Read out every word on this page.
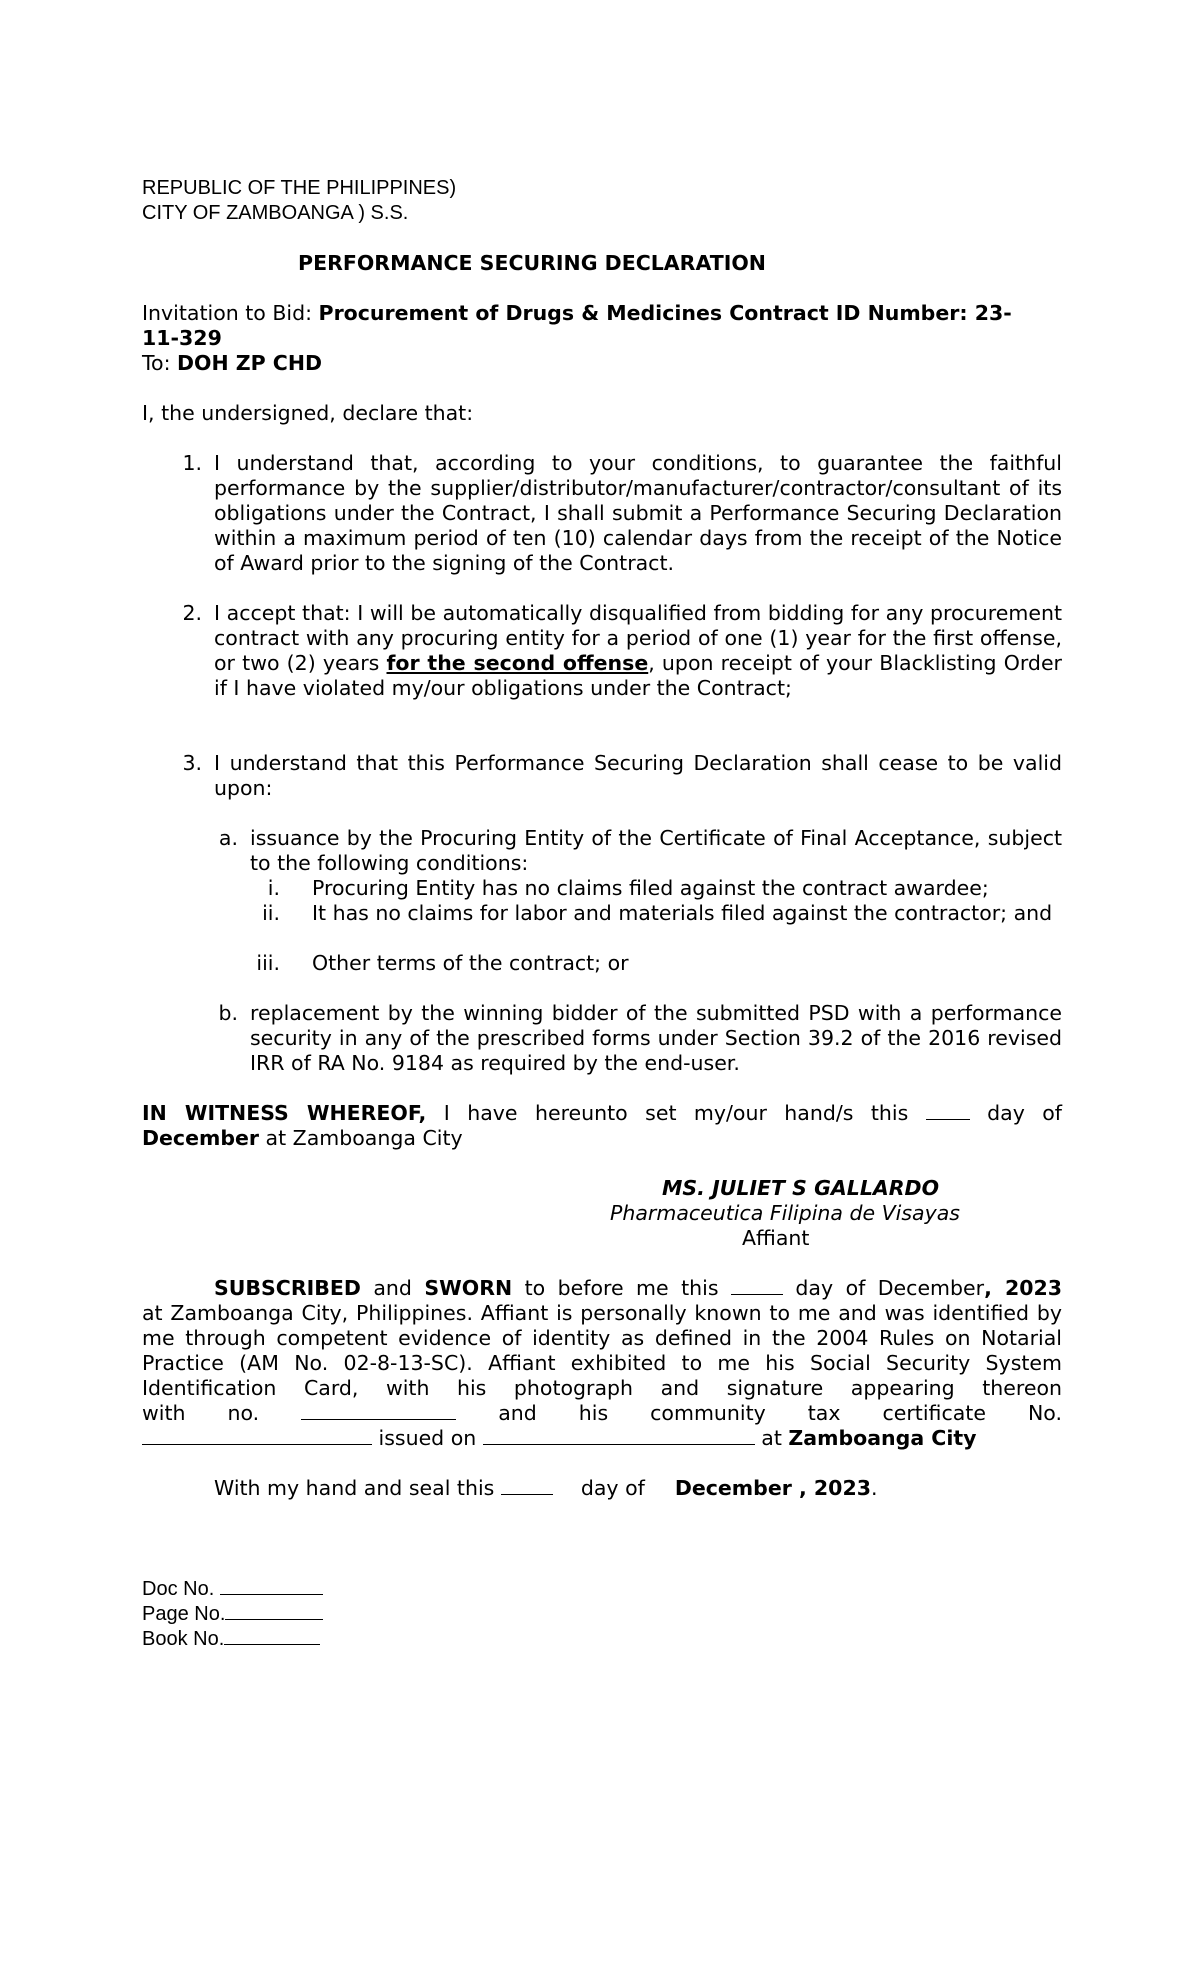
REPUBLIC OF THE PHILIPPINES)
CITY OF ZAMBOANGA ) S.S.
PERFORMANCE SECURING DECLARATION
Invitation to Bid: Procurement of Drugs & Medicines Contract ID Number: 23-
11-329
To: DOH ZP CHD
I, the undersigned, declare that:
1. I understand that, according to your conditions, to guarantee the faithful performance by the supplier/distributor/manufacturer/contractor/consultant of its obligations under the Contract, I shall submit a Performance Securing Declaration within a maximum period of ten (10) calendar days from the receipt of the Notice of Award prior to the signing of the Contract.
2. I accept that: I will be automatically disqualified from bidding for any procurement contract with any procuring entity for a period of one (1) year for the first offense, or two (2) years for the second offense, upon receipt of your Blacklisting Order if I have violated my/our obligations under the Contract;
3. I understand that this Performance Securing Declaration shall cease to be valid upon:
a. issuance by the Procuring Entity of the Certificate of Final Acceptance, subject to the following conditions:
i. Procuring Entity has no claims filed against the contract awardee;
ii. It has no claims for labor and materials filed against the contractor; and
iii. Other terms of the contract; or
b. replacement by the winning bidder of the submitted PSD with a performance security in any of the prescribed forms under Section 39.2 of the 2016 revised IRR of RA No. 9184 as required by the end-user.
IN WITNESS WHEREOF, I have hereunto set my/our hand/s this  day of
December at Zamboanga City
MS. JULIET S GALLARDO
Pharmaceutica Filipina de Visayas
Affiant
SUBSCRIBED and SWORN to before me this	day of December, 2023
at Zamboanga City, Philippines. Affiant is personally known to me and was identified by me through competent evidence of identity as defined in the 2004 Rules on Notarial Practice (AM No. 02-8-13-SC). Affiant exhibited to me his Social Security System Identification Card, with his photograph and signature appearing thereon
with no.	and his community tax certificate No.
issued on	at Zamboanga City
With my hand and seal this	day of December , 2023.
Doc No.
Page No.
Book No.
